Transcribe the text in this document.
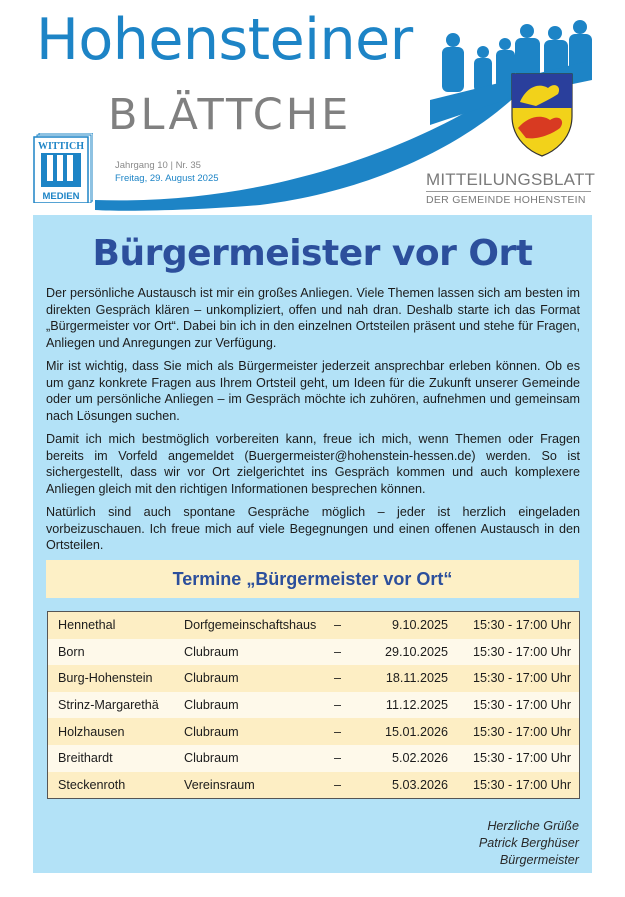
Hohensteiner
BLÄTTCHE
WITTICH
MEDIEN
Jahrgang 10 | Nr. 35
Freitag, 29. August 2025	MITTEILUNGSBLATT
DER GEMEINDE HOHENSTEIN
Bürgermeister vor Ort

Der persönliche Austausch ist mir ein großes Anliegen. Viele Themen lassen sich am besten im direkten Gespräch klären – unkompliziert, offen und nah dran. Deshalb starte ich das Format „Bürgermeister vor Ort“. Dabei bin ich in den einzelnen Ortsteilen präsent und stehe für Fragen, Anliegen und Anregungen zur Verfügung.

Mir ist wichtig, dass Sie mich als Bürgermeister jederzeit ansprechbar erleben können. Ob es um ganz konkrete Fragen aus Ihrem Ortsteil geht, um Ideen für die Zukunft unserer Gemeinde oder um persönliche Anliegen – im Gespräch möchte ich zuhören, aufnehmen und gemeinsam nach Lösungen suchen.

Damit ich mich bestmöglich vorbereiten kann, freue ich mich, wenn Themen oder Fragen bereits im Vorfeld angemeldet (Buergermeister@hohenstein-hessen.de) werden. So ist sichergestellt, dass wir vor Ort zielgerichtet ins Gespräch kommen und auch komplexere Anliegen gleich mit den richtigen Informationen besprechen können.

Natürlich sind auch spontane Gespräche möglich – jeder ist herzlich eingeladen vorbeizuschauen. Ich freue mich auf viele Begegnungen und einen offenen Austausch in den Ortsteilen.

Termine „Bürgermeister vor Ort“
Hennethal	Dorfgemeinschaftshaus	–	9.10.2025	15:30 - 17:00 Uhr
Born	Clubraum	–	29.10.2025	15:30 - 17:00 Uhr
Burg-Hohenstein	Clubraum	–	18.11.2025	15:30 - 17:00 Uhr
Strinz-Margarethä	Clubraum	–	11.12.2025	15:30 - 17:00 Uhr
Holzhausen	Clubraum	–	15.01.2026	15:30 - 17:00 Uhr
Breithardt	Clubraum	–	5.02.2026	15:30 - 17:00 Uhr
Steckenroth	Vereinsraum	–	5.03.2026	15:30 - 17:00 Uhr
Herzliche Grüße
Patrick Berghüser
Bürgermeister
